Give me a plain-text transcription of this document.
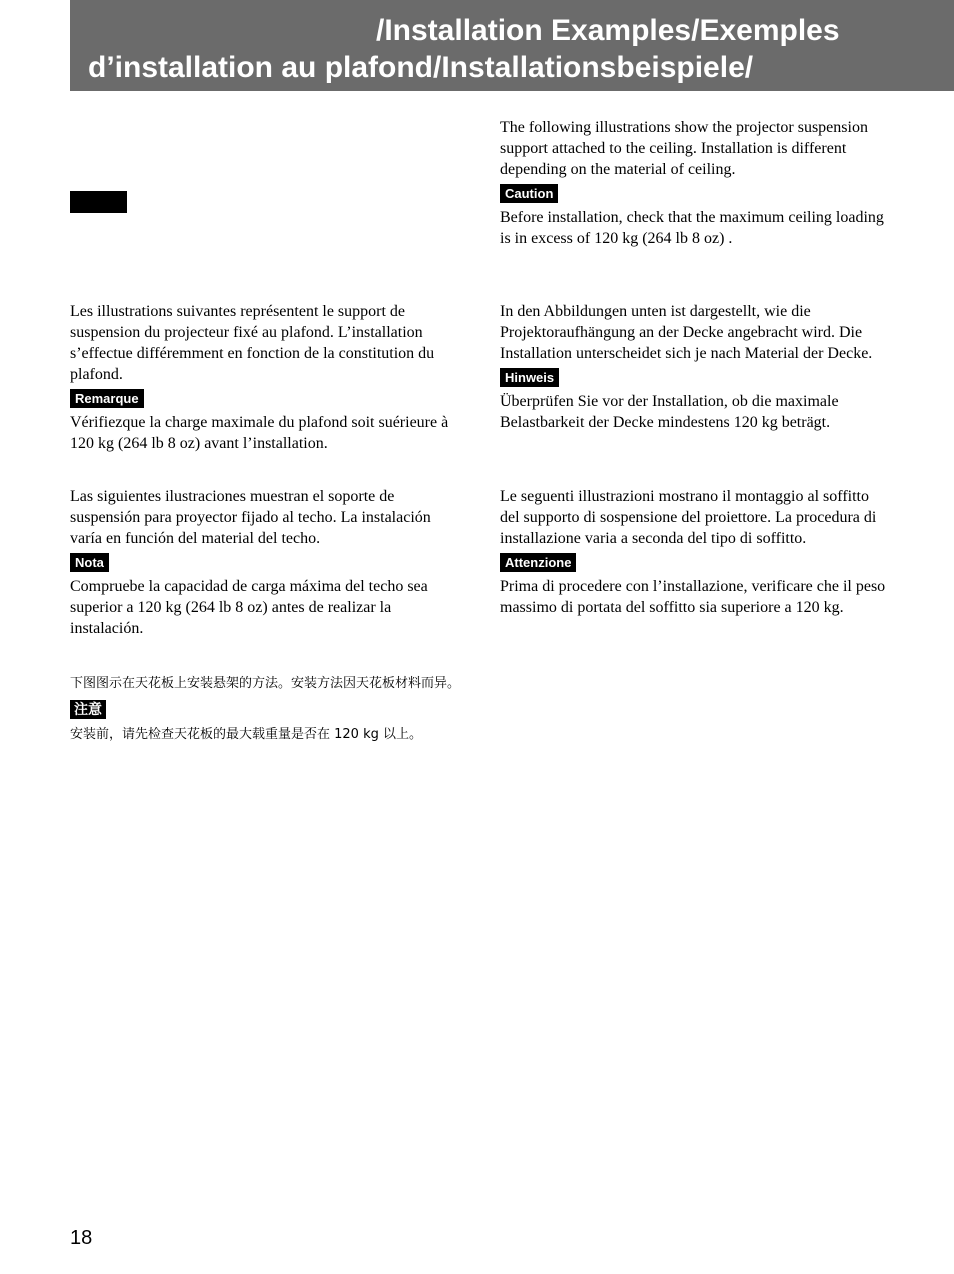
/Installation Examples/Exemples
d’installation au plafond/Installationsbeispiele/

The following illustrations show the projector suspension support attached to the ceiling. Installation is different depending on the material of ceiling.

Caution

Before installation, check that the maximum ceiling loading is in excess of 120 kg (264 lb 8 oz) .

Les illustrations suivantes représentent le support de suspension du projecteur fixé au plafond. L’installation s’effectue différemment en fonction de la constitution du plafond.

Remarque

Vérifiezque la charge maximale du plafond soit suérieure à 120 kg (264 lb 8 oz) avant l’installation.

In den Abbildungen unten ist dargestellt, wie die Projektoraufhängung an der Decke angebracht wird. Die Installation unterscheidet sich je nach Material der Decke.

Hinweis

Überprüfen Sie vor der Installation, ob die maximale Belastbarkeit der Decke mindestens 120 kg beträgt.

Las siguientes ilustraciones muestran el soporte de suspensión para proyector fijado al techo. La instalación varía en función del material del techo.

Nota

Compruebe la capacidad de carga máxima del techo sea superior a 120 kg (264 lb 8 oz) antes de realizar la instalación.

Le seguenti illustrazioni mostrano il montaggio al soffitto del supporto di sospensione del proiettore. La procedura di installazione varia a seconda del tipo di soffitto.

Attenzione

Prima di procedere con l’installazione, verificare che il peso massimo di portata del soffitto sia superiore a 120 kg.

下图图示在天花板上安装悬架的方法。安装方法因天花板材料而异。

注意

安装前，请先检查天花板的最大载重量是否在 120 kg 以上。

18
